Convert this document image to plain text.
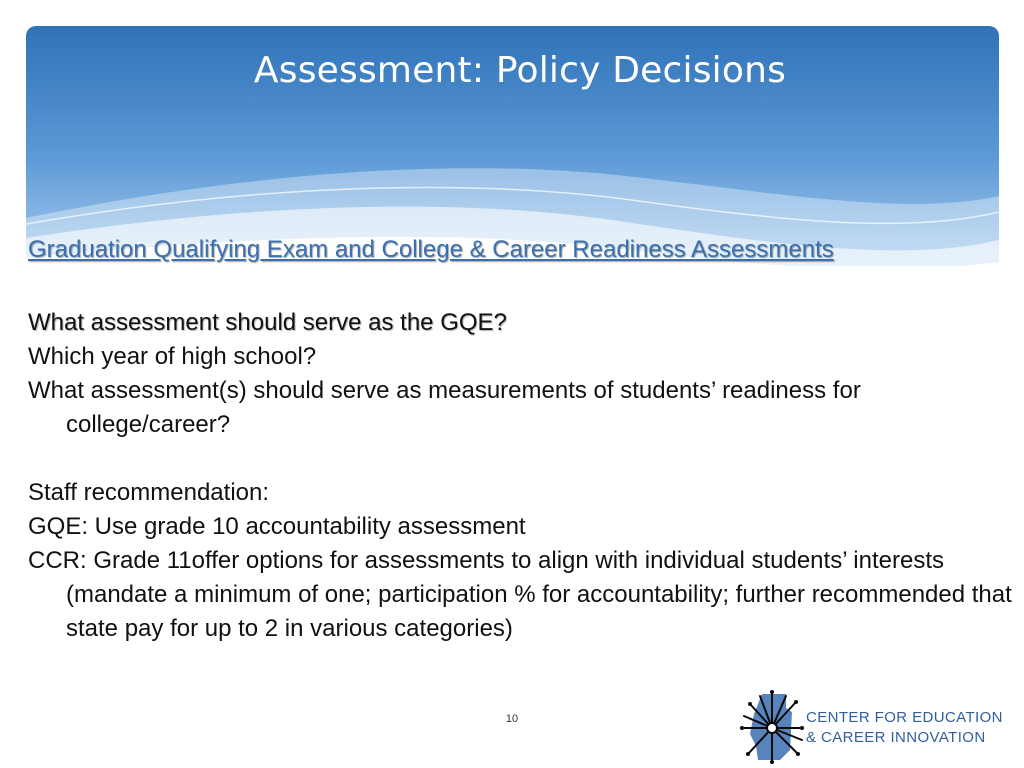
Assessment: Policy Decisions
Graduation Qualifying Exam and College & Career Readiness Assessments

What assessment should serve as the GQE?

Which year of high school?

What assessment(s) should serve as measurements of students’ readiness for college/career?

Staff recommendation:

GQE: Use grade 10 accountability assessment

CCR: Grade 11offer options for assessments to align with individual students’ interests (mandate a minimum of one; participation % for accountability; further recommended that state pay for up to 2 in various categories)

10	CENTER FOR EDUCATION
& CAREER INNOVATION
